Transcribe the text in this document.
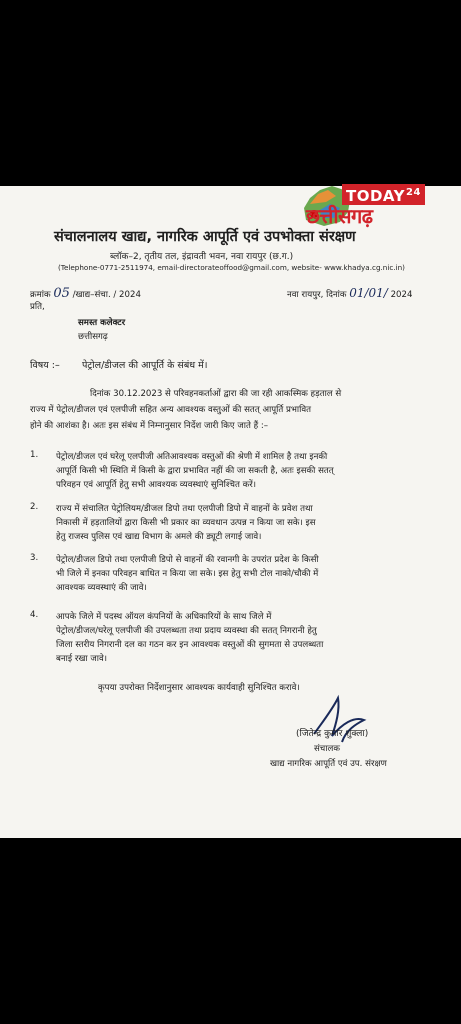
TODAY$^{24}$
छत्तीसगढ़
संचालनालय खाद्य, नागरिक आपूर्ति एवं उपभोक्ता संरक्षण
ब्लॉक–2, तृतीय तल, इंद्रावती भवन, नवा रायपुर (छ.ग.)
(Telephone-0771-2511974, email-directorateoffood@gmail.com, website- www.khadya.cg.nic.in)
क्रमांक 05 /खाद्य–संचा. / 2024	नवा रायपुर, दिनांक 01/01/ 2024
प्रति,
समस्त कलेक्टर
छत्तीसगढ़
विषय :– पेट्रोल/डीजल की आपूर्ति के संबंध में।
दिनांक 30.12.2023 से परिवहनकर्ताओं द्वारा की जा रही आकस्मिक हड़ताल से
राज्य में पेट्रोल/डीजल एवं एलपीजी सहित अन्य आवश्यक वस्तुओं की सतत् आपूर्ति प्रभावित
होने की आशंका है। अतः इस संबंध में निम्नानुसार निर्देश जारी किए जाते हैं :–
1. पेट्रोल/डीजल एवं घरेलू एलपीजी अतिआवश्यक वस्तुओं की श्रेणी में शामिल है तथा इनकी
आपूर्ति किसी भी स्थिति में किसी के द्वारा प्रभावित नहीं की जा सकती है, अतः इसकी सतत्
परिवहन एवं आपूर्ति हेतु सभी आवश्यक व्यवस्थाएं सुनिश्चित करें।
2. राज्य में संचालित पेट्रोलियम/डीजल डिपो तथा एलपीजी डिपो में वाहनों के प्रवेश तथा
निकासी में हड़तालियों द्वारा किसी भी प्रकार का व्यवधान उत्पन्न न किया जा सके। इस
हेतु राजस्व पुलिस एवं खाद्य विभाग के अमले की ड्यूटी लगाई जावे।
3. पेट्रोल/डीजल डिपो तथा एलपीजी डिपो से वाहनों की रवानगी के उपरांत प्रदेश के किसी
भी जिले में इनका परिवहन बाधित न किया जा सके। इस हेतु सभी टोल नाको/चौकी में
आवश्यक व्यवस्थाएं की जावे।
4. आपके जिले में पदस्थ ऑयल कंपनियों के अधिकारियों के साथ जिले में
पेट्रोल/डीजल/घरेलू एलपीजी की उपलब्धता तथा प्रदाय व्यवस्था की सतत् निगरानी हेतु
जिला स्तरीय निगरानी दल का गठन कर इन आवश्यक वस्तुओं की सुगमता से उपलब्धता
बनाई रखा जावे।
कृपया उपरोक्त निर्देशानुसार आवश्यक कार्यवाही सुनिश्चित करावे।
(जितेन्द्र कुमार शुक्ला)
संचालक
खाद्य नागरिक आपूर्ति एवं उप. संरक्षण
